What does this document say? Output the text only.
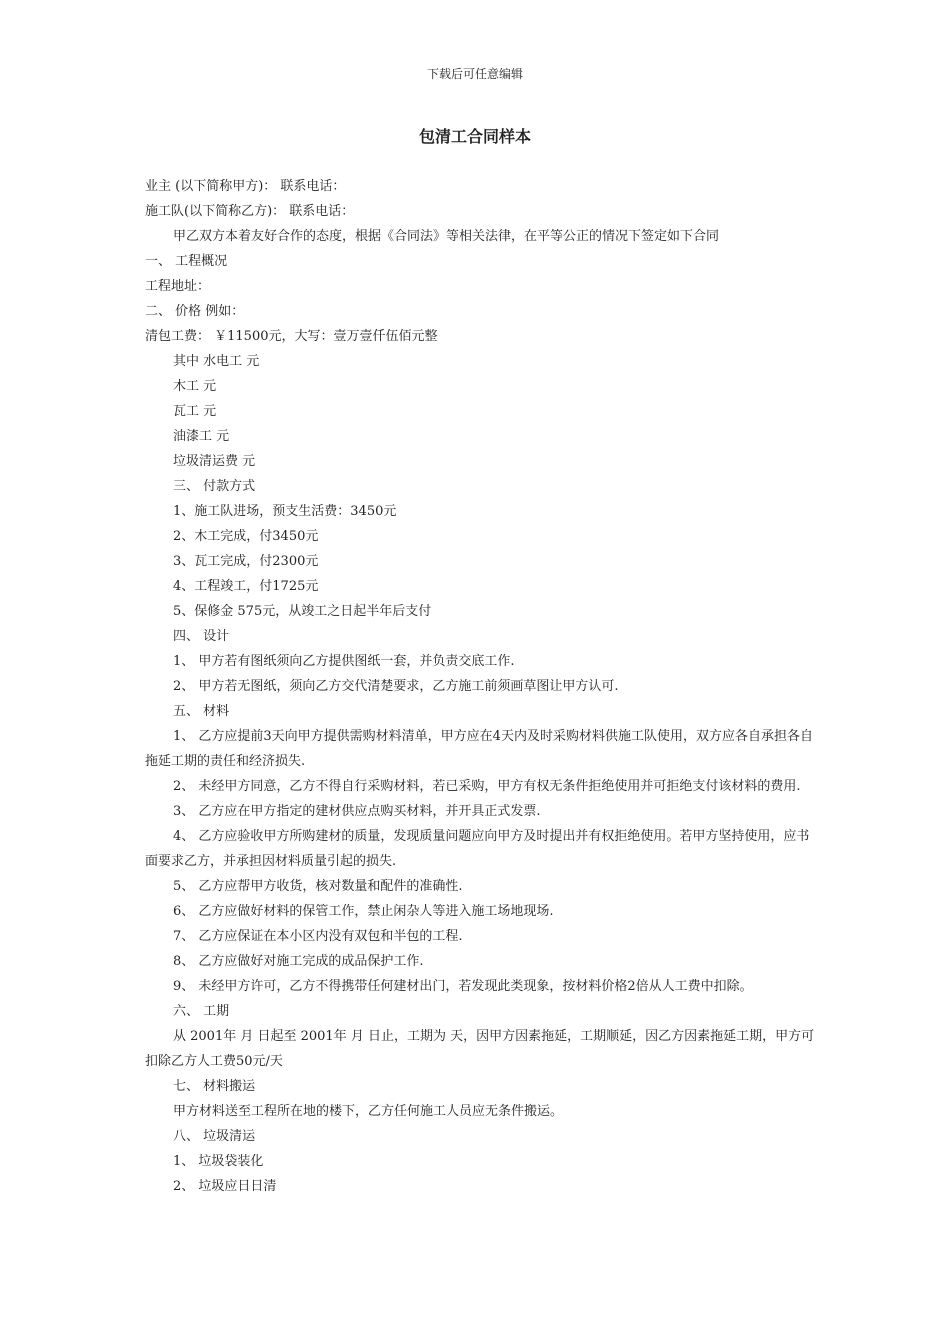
下载后可任意编辑
包清工合同样本

业主 (以下简称甲方)： 联系电话：

施工队(以下简称乙方)： 联系电话：

甲乙双方本着友好合作的态度，根据《合同法》等相关法律，在平等公正的情况下签定如下合同

一、 工程概况

工程地址：

二、 价格 例如：

清包工费： ￥11500元，大写：壹万壹仟伍佰元整

其中 水电工 元

木工 元

瓦工 元

油漆工 元

垃圾清运费 元

三、 付款方式

1、施工队进场，预支生活费：3450元

2、木工完成，付3450元

3、瓦工完成，付2300元

4、工程竣工，付1725元

5、保修金 575元，从竣工之日起半年后支付

四、 设计

1、 甲方若有图纸须向乙方提供图纸一套，并负责交底工作.

2、 甲方若无图纸，须向乙方交代清楚要求，乙方施工前须画草图让甲方认可.

五、 材料

1、 乙方应提前3天向甲方提供需购材料清单，甲方应在4天内及时采购材料供施工队使用，双方应各自承担各自拖延工期的责任和经济损失.

2、 未经甲方同意，乙方不得自行采购材料，若已采购，甲方有权无条件拒绝使用并可拒绝支付该材料的费用.

3、 乙方应在甲方指定的建材供应点购买材料，并开具正式发票.

4、 乙方应验收甲方所购建材的质量，发现质量问题应向甲方及时提出并有权拒绝使用。若甲方坚持使用，应书面要求乙方，并承担因材料质量引起的损失.

5、 乙方应帮甲方收货，核对数量和配件的准确性.

6、 乙方应做好材料的保管工作，禁止闲杂人等进入施工场地现场.

7、 乙方应保证在本小区内没有双包和半包的工程.

8、 乙方应做好对施工完成的成品保护工作.

9、 未经甲方许可，乙方不得携带任何建材出门，若发现此类现象，按材料价格2倍从人工费中扣除。

六、 工期

从 2001年 月 日起至 2001年 月 日止，工期为 天，因甲方因素拖延，工期顺延，因乙方因素拖延工期，甲方可扣除乙方人工费50元/天

七、 材料搬运

甲方材料送至工程所在地的楼下，乙方任何施工人员应无条件搬运。

八、 垃圾清运

1、 垃圾袋装化

2、 垃圾应日日清
